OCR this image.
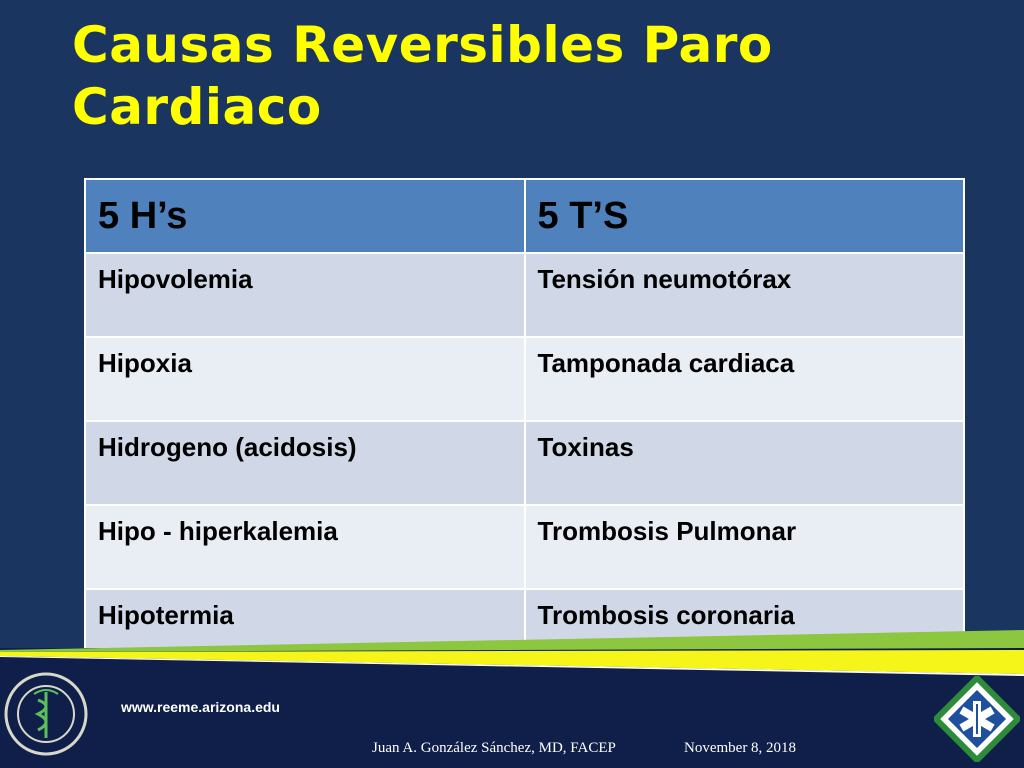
Causas Reversibles Paro Cardiaco
5 H’s	5 T’S
Hipovolemia	Tensión neumotórax
Hipoxia	Tamponada cardiaca
Hidrogeno (acidosis)	Toxinas
Hipo - hiperkalemia	Trombosis Pulmonar
Hipotermia	Trombosis coronaria
www.reeme.arizona.edu
Juan A. González Sánchez, MD, FACEP	November 8, 2018
